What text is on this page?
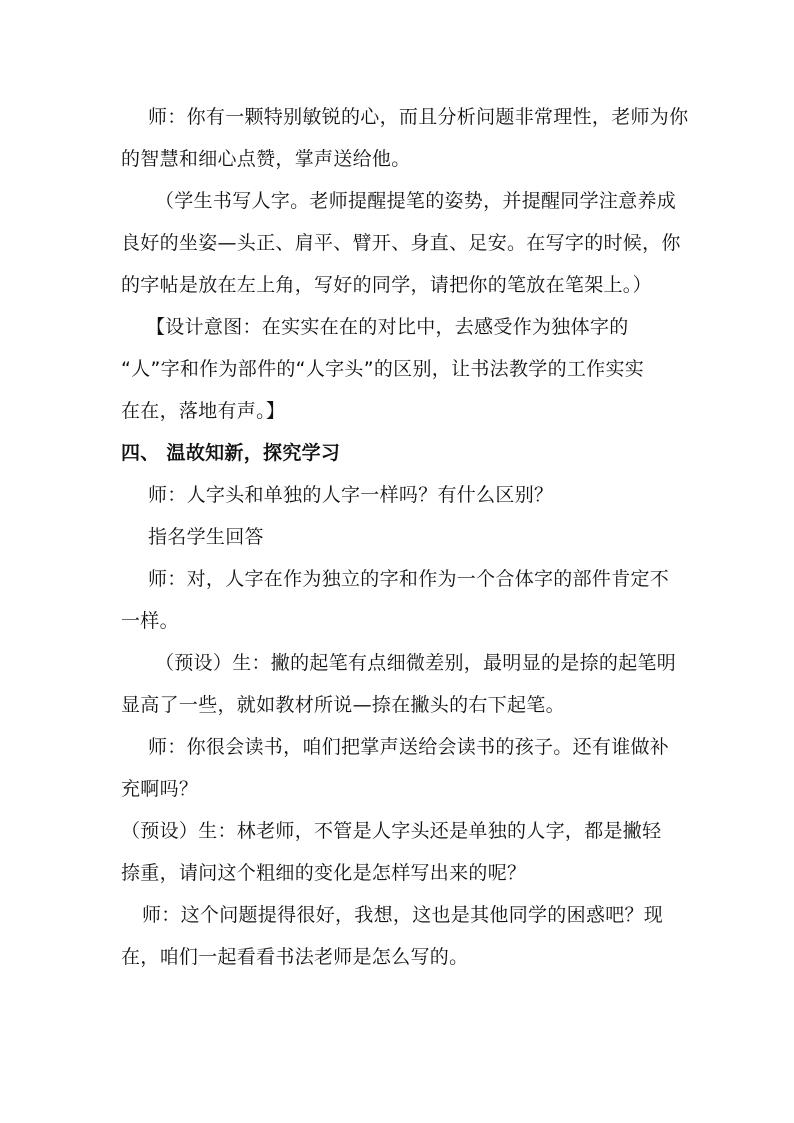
师：你有一颗特别敏锐的心，而且分析问题非常理性，老师为你
的智慧和细心点赞，掌声送给他。
（学生书写人字。老师提醒提笔的姿势，并提醒同学注意养成
良好的坐姿—头正、肩平、臂开、身直、足安。在写字的时候，你
的字帖是放在左上角，写好的同学，请把你的笔放在笔架上。）
【设计意图：在实实在在的对比中，去感受作为独体字的
“人”字和作为部件的“人字头”的区别，让书法教学的工作实实
在在，落地有声。】
四、 温故知新，探究学习
师：人字头和单独的人字一样吗？有什么区别？
指名学生回答
师：对，人字在作为独立的字和作为一个合体字的部件肯定不
一样。
（预设）生：撇的起笔有点细微差别，最明显的是捺的起笔明
显高了一些，就如教材所说—捺在撇头的右下起笔。
师：你很会读书，咱们把掌声送给会读书的孩子。还有谁做补
充啊吗？
（预设）生：林老师，不管是人字头还是单独的人字，都是撇轻
捺重，请问这个粗细的变化是怎样写出来的呢？
师：这个问题提得很好，我想，这也是其他同学的困惑吧？现
在，咱们一起看看书法老师是怎么写的。
